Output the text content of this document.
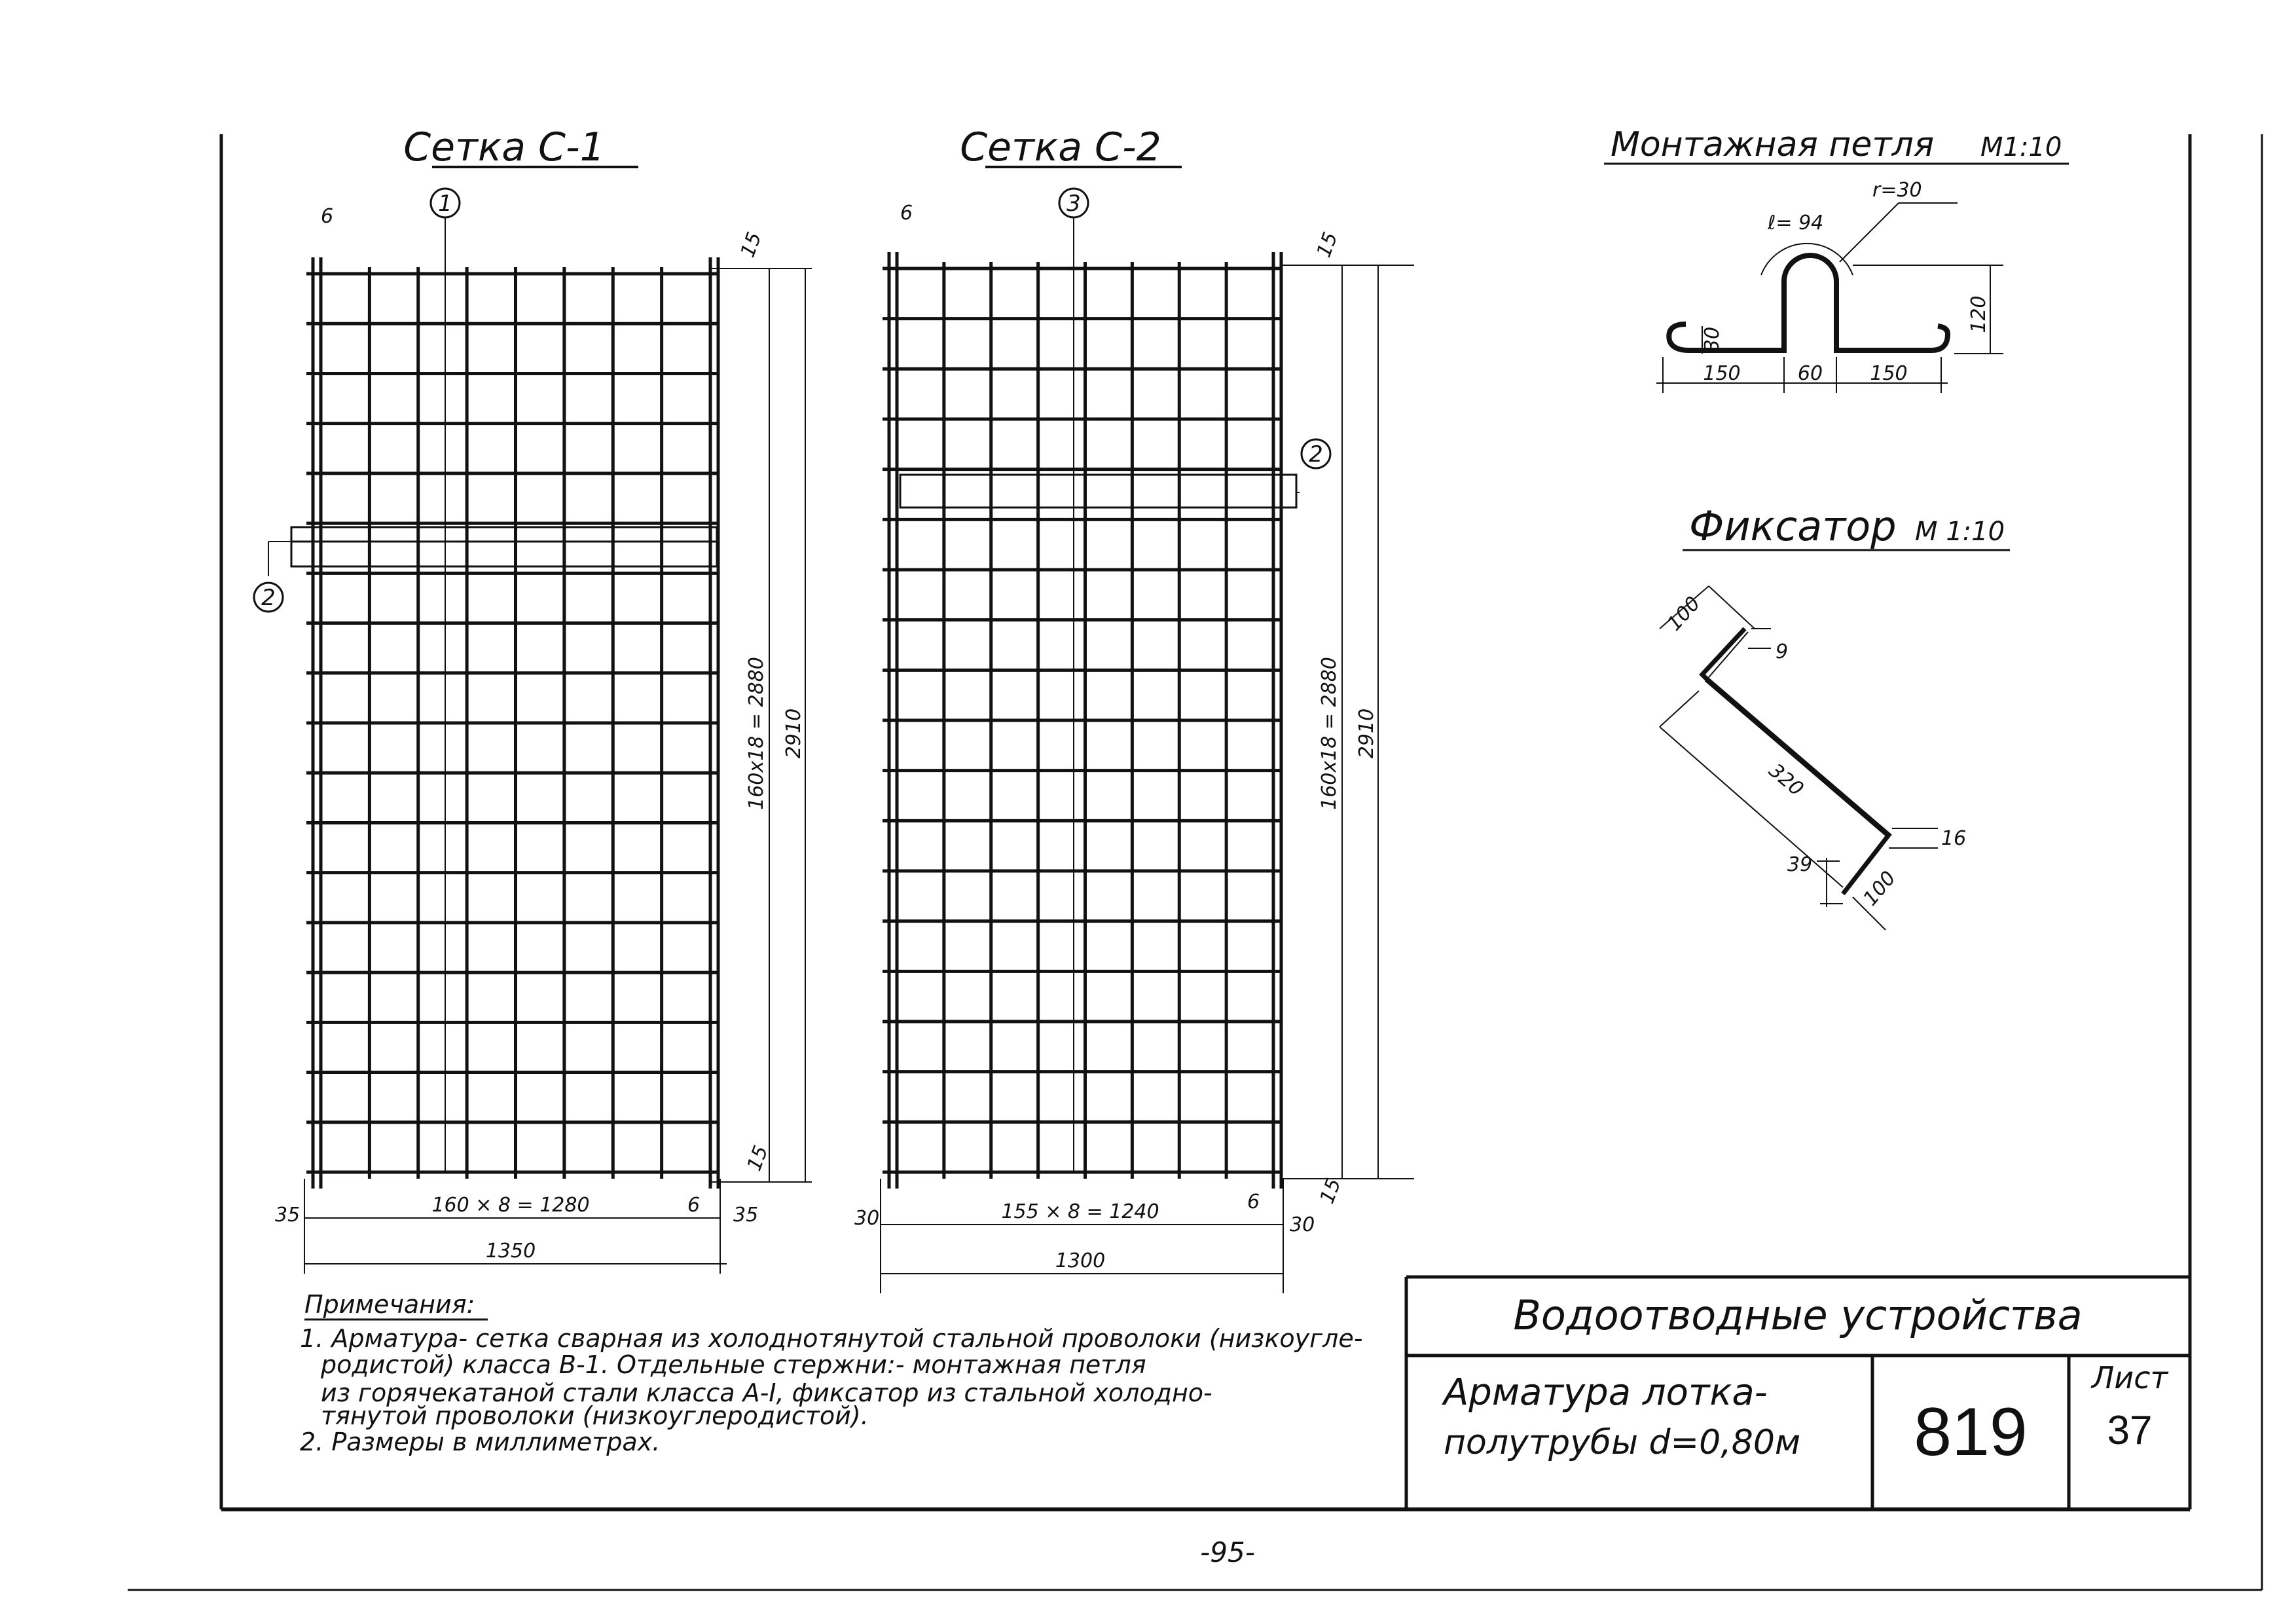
Сетка С-1
1
2
6
15
15
160х18 = 2880 2910
35	6 35
160 × 8 = 1280
1350
Сетка С-2
3
2
6
15
15
160х18 = 2880 2910
30
6
30
155 × 8 = 1240
1300
Монтажная петля М1:10
ℓ= 94
r=30
120
30
150	60 150
Фиксатор М 1:10
100
9
320
16
39
100
Примечания:
1. Арматура- сетка сварная из холоднотянутой стальной проволоки (низкоугле-
родистой) класса В-1. Отдельные стержни:- монтажная петля
из горячекатаной стали класса А-I, фиксатор из стальной холодно-
тянутой проволоки (низкоуглеродистой).
2. Размеры в миллиметрах.
Водоотводные устройства
Арматура лотка-
полутрубы d=0,80м 819
Лист
37
-95-
